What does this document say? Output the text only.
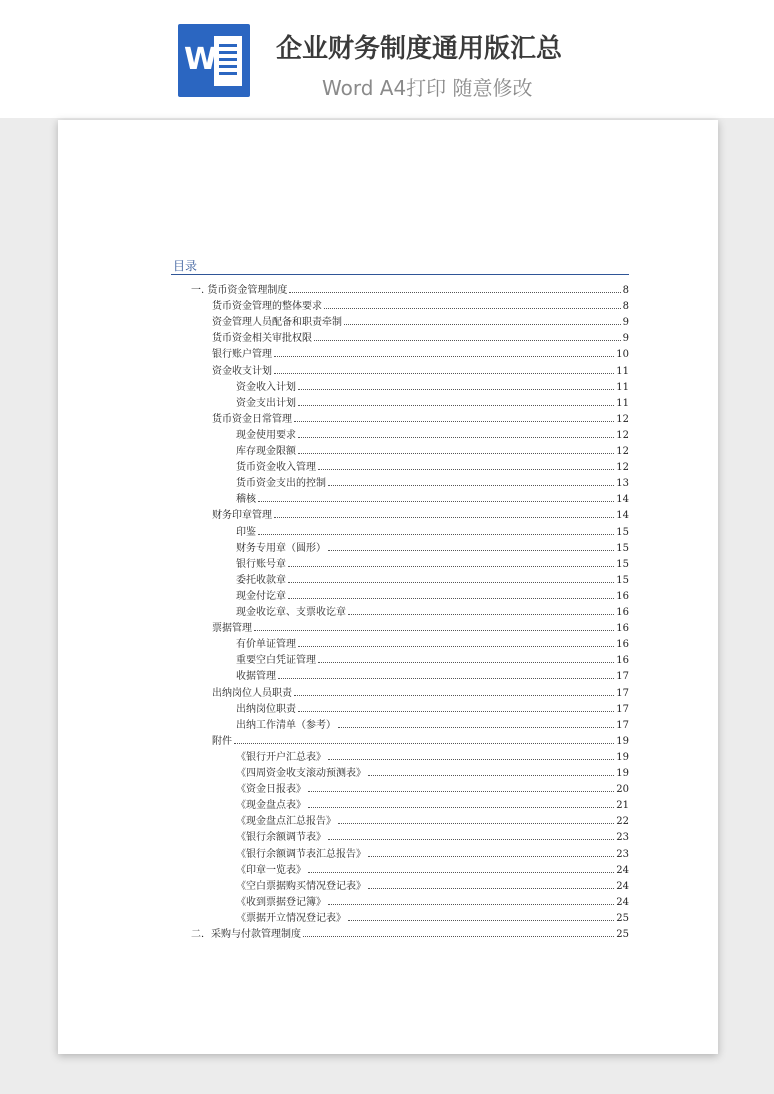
W 企业财务制度通用版汇总
Word A4打印 随意修改
目录
一. 货币资金管理制度	8
货币资金管理的整体要求	8
资金管理人员配备和职责牵制	9
货币资金相关审批权限	9
银行账户管理	10
资金收支计划	11
资金收入计划	11
资金支出计划	11
货币资金日常管理	12
现金使用要求	12
库存现金限额	12
货币资金收入管理	12
货币资金支出的控制	13
稽核	14
财务印章管理	14
印鉴	15
财务专用章（圆形）	15
银行账号章	15
委托收款章	15
现金付讫章	16
现金收讫章、支票收讫章	16
票据管理	16
有价单证管理	16
重要空白凭证管理	16
收据管理	17
出纳岗位人员职责	17
出纳岗位职责	17
出纳工作清单（参考）	17
附件	19
《银行开户汇总表》	19
《四周资金收支滚动预测表》	19
《资金日报表》	20
《现金盘点表》	21
《现金盘点汇总报告》	22
《银行余额调节表》	23
《银行余额调节表汇总报告》	23
《印章一览表》	24
《空白票据购买情况登记表》	24
《收到票据登记簿》	24
《票据开立情况登记表》	25
二．采购与付款管理制度	25
